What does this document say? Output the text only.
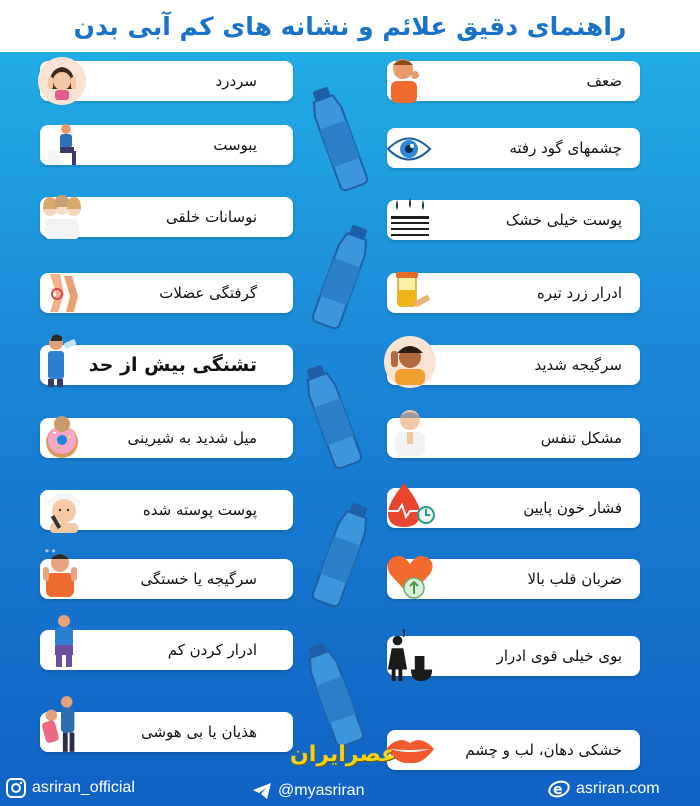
راهنمای دقیق علائم و نشانه های کم آبی بدن
سردرد
یبوست
نوسانات خلقی
گرفتگی عضلات
تشنگی بیش از حد
میل شدید به شیرینی
پوست پوسته شده
سرگیجه یا خستگی
ادرار کردن کم
هذیان یا بی هوشی
ضعف
چشمهای گود رفته
پوست خیلی خشک
ادرار زرد تیره
سرگیجه شدید
مشکل تنفس
فشار خون پایین
ضربان قلب بالا
بوی خیلی قوی ادرار
خشکی دهان، لب و چشم
* *
عصرایران
asriran_official	@myasriran	e asriran.com
